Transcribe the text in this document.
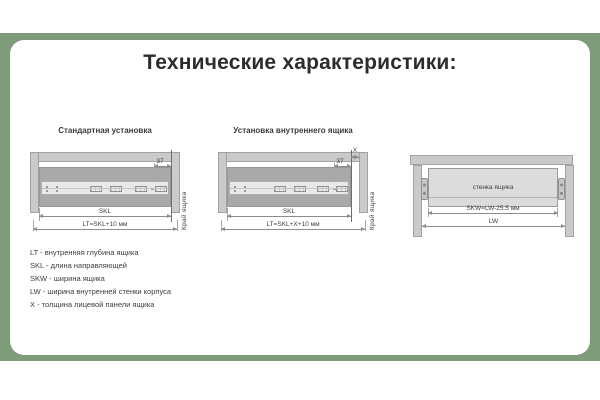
Технические характеристики:
Стандартная установка
37
SKL
LT=SKL+10 мм	Край ящика
Установка внутреннего ящика
X
37
SKL
LT=SKL+X+10 мм	Край ящика
стенка ящика
SKW=LW-25.5 мм
LW
LT - внутренняя глубина ящика
SKL - длина направляющей
SKW - ширина ящика
LW - ширина внутренней стенки корпуса
X - толщина лицевой панели ящика
